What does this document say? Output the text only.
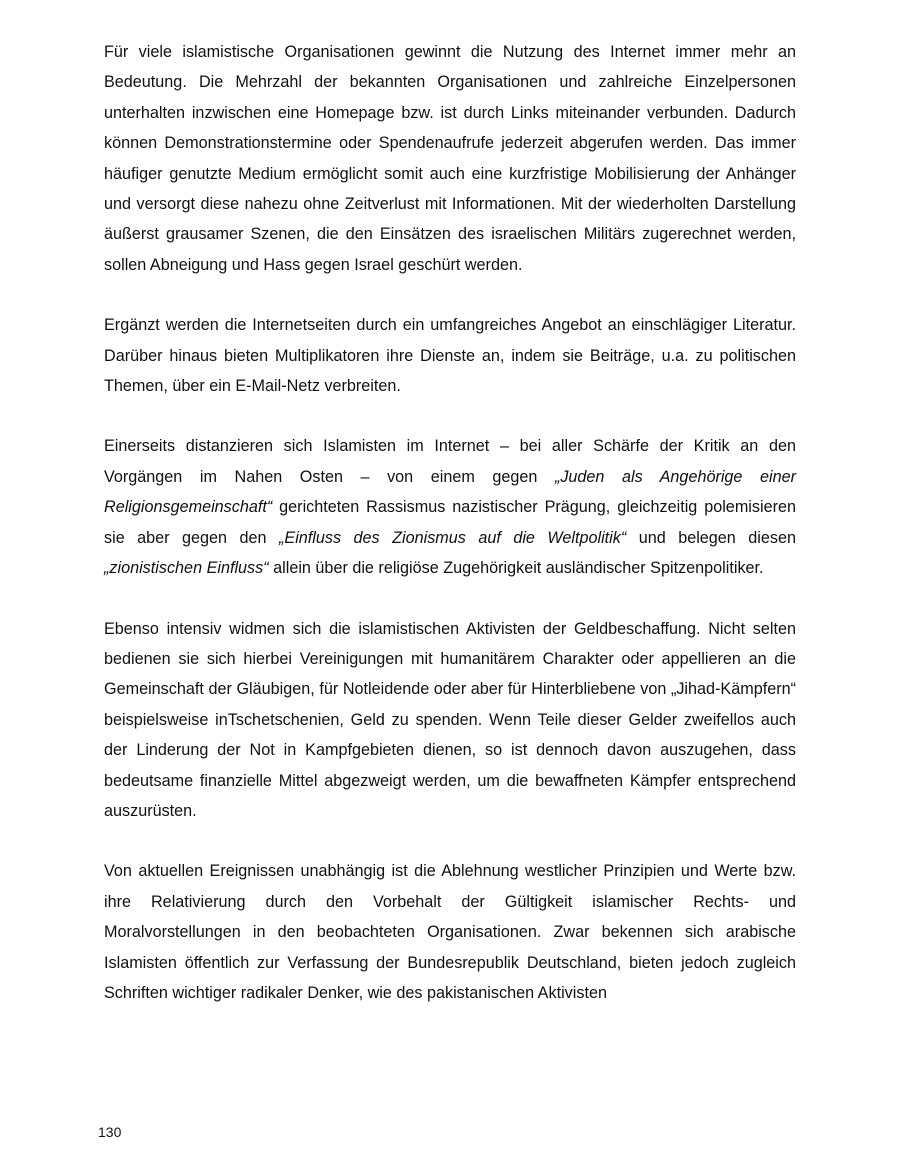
Für viele islamistische Organisationen gewinnt die Nutzung des Internet immer mehr an Bedeutung. Die Mehrzahl der bekannten Organisationen und zahlreiche Einzelpersonen unterhalten inzwischen eine Homepage bzw. ist durch Links miteinander verbunden. Dadurch können Demonstrationstermine oder Spendenaufrufe jederzeit abgerufen werden. Das immer häufiger genutzte Medium ermöglicht somit auch eine kurzfristige Mobilisierung der Anhänger und versorgt diese nahezu ohne Zeitverlust mit Informationen. Mit der wiederholten Darstellung äußerst grausamer Szenen, die den Einsätzen des israelischen Militärs zugerechnet werden, sollen Abneigung und Hass gegen Israel geschürt werden.

Ergänzt werden die Internetseiten durch ein umfangreiches Angebot an einschlägiger Literatur. Darüber hinaus bieten Multiplikatoren ihre Dienste an, indem sie Beiträge, u.a. zu politischen Themen, über ein E-Mail-Netz verbreiten.

Einerseits distanzieren sich Islamisten im Internet – bei aller Schärfe der Kritik an den Vorgängen im Nahen Osten – von einem gegen „Juden als Angehörige einer Religionsgemeinschaft“ gerichteten Rassismus nazistischer Prägung, gleichzeitig polemisieren sie aber gegen den „Einfluss des Zionismus auf die Weltpolitik“ und belegen diesen „zionistischen Einfluss“ allein über die religiöse Zugehörigkeit ausländischer Spitzenpolitiker.

Ebenso intensiv widmen sich die islamistischen Aktivisten der Geldbeschaffung. Nicht selten bedienen sie sich hierbei Vereinigungen mit humanitärem Charakter oder appellieren an die Gemeinschaft der Gläubigen, für Notleidende oder aber für Hinterbliebene von „Jihad-Kämpfern“ beispielsweise inTschetschenien, Geld zu spenden. Wenn Teile dieser Gelder zweifellos auch der Linderung der Not in Kampfgebieten dienen, so ist dennoch davon auszugehen, dass bedeutsame finanzielle Mittel abgezweigt werden, um die bewaffneten Kämpfer entsprechend auszurüsten.

Von aktuellen Ereignissen unabhängig ist die Ablehnung westlicher Prinzipien und Werte bzw. ihre Relativierung durch den Vorbehalt der Gültigkeit islamischer Rechts- und Moralvorstellungen in den beobachteten Organisationen. Zwar bekennen sich arabische Islamisten öffentlich zur Verfassung der Bundesrepublik Deutschland, bieten jedoch zugleich Schriften wichtiger radikaler Denker, wie des pakistanischen Aktivisten

130
